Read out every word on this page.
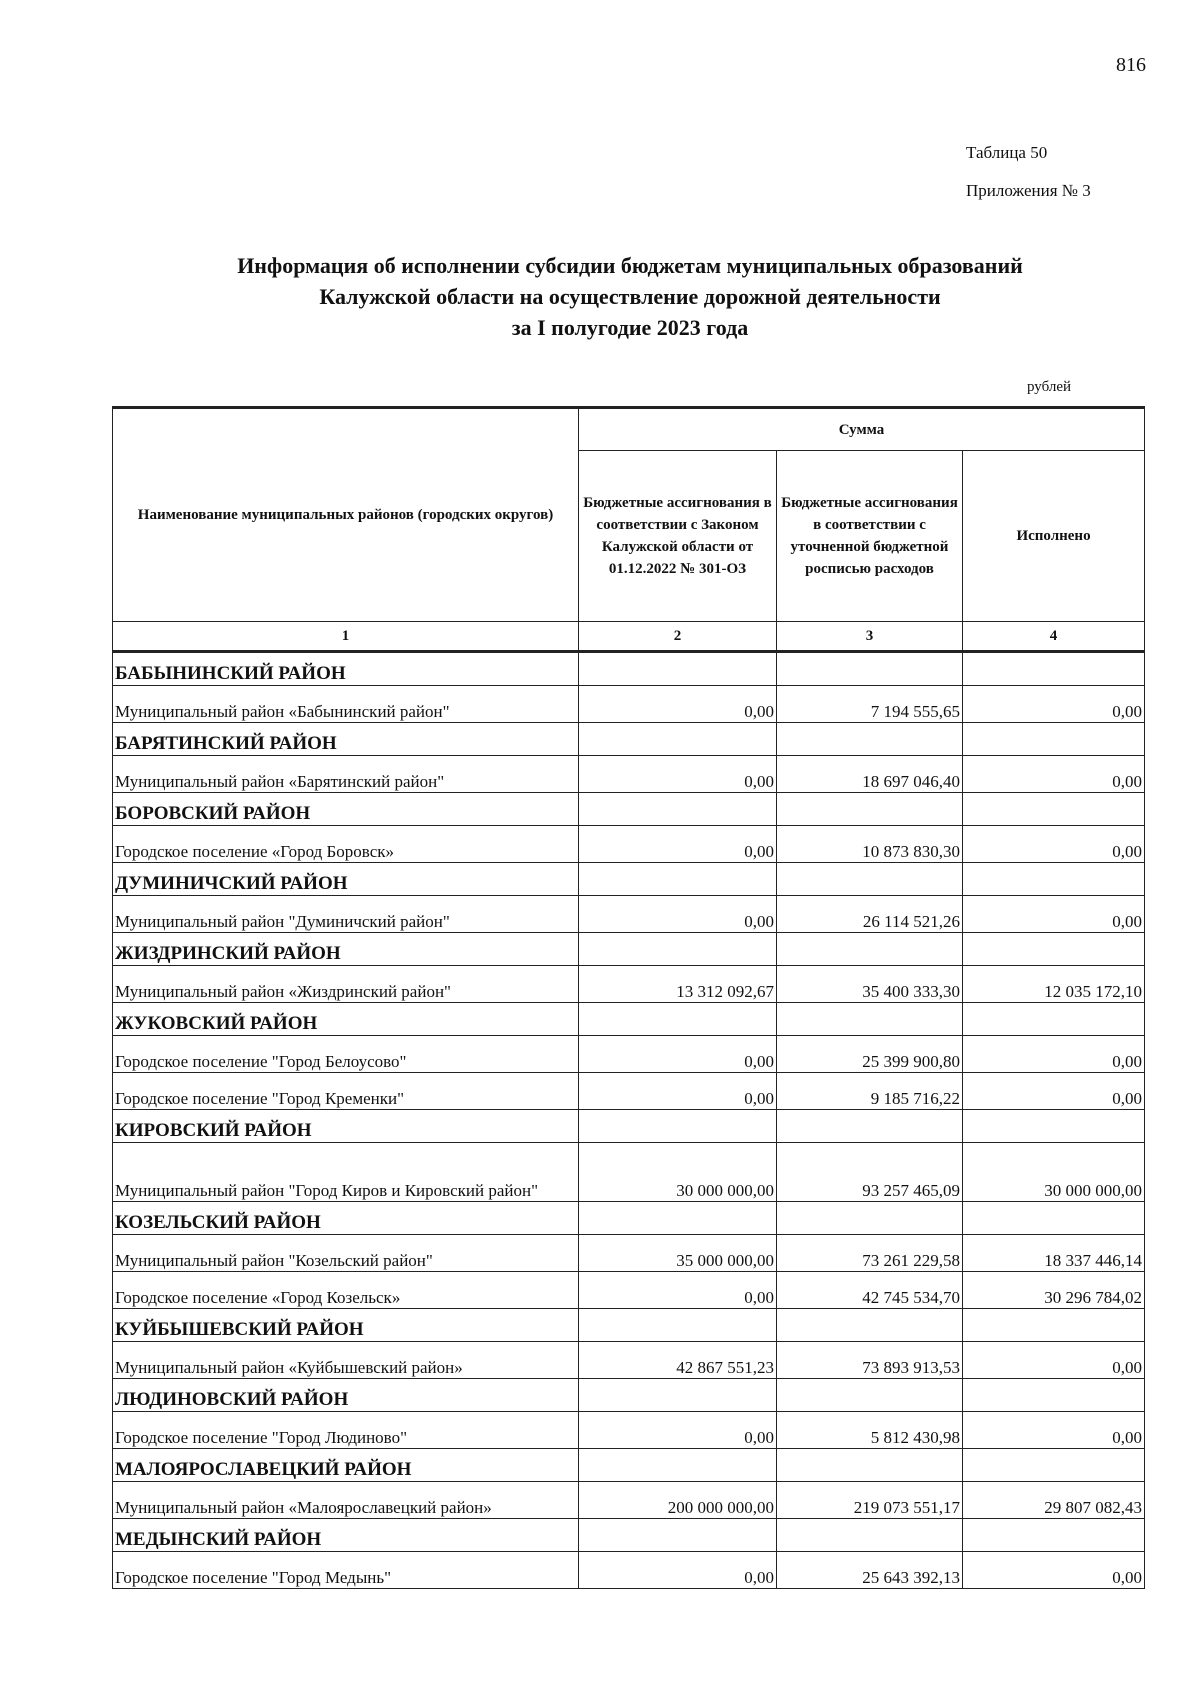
816
Таблица 50
Приложения № 3
Информация об исполнении субсидии бюджетам муниципальных образований
Калужской области на осуществление дорожной деятельности
за I полугодие 2023 года
рублей
Наименование муниципальных районов (городских округов)	Сумма		
	Бюджетные ассигнования в соответствии с Законом Калужской области от 01.12.2022 № 301-ОЗ	Бюджетные ассигнования в соответствии с уточненной бюджетной росписью расходов	Исполнено
1	2	3	4
БАБЫНИНСКИЙ РАЙОН			
Муниципальный район «Бабынинский район"	0,00	7 194 555,65	0,00
БАРЯТИНСКИЙ РАЙОН			
Муниципальный район «Барятинский район"	0,00	18 697 046,40	0,00
БОРОВСКИЙ РАЙОН			
Городское поселение «Город Боровск»	0,00	10 873 830,30	0,00
ДУМИНИЧСКИЙ РАЙОН			
Муниципальный район "Думиничский район"	0,00	26 114 521,26	0,00
ЖИЗДРИНСКИЙ РАЙОН			
Муниципальный район «Жиздринский район"	13 312 092,67	35 400 333,30	12 035 172,10
ЖУКОВСКИЙ РАЙОН			
Городское поселение "Город Белоусово"	0,00	25 399 900,80	0,00
Городское поселение "Город Кременки"	0,00	9 185 716,22	0,00
КИРОВСКИЙ РАЙОН			
Муниципальный район "Город Киров и Кировский район"	30 000 000,00	93 257 465,09	30 000 000,00
КОЗЕЛЬСКИЙ РАЙОН			
Муниципальный район "Козельский район"	35 000 000,00	73 261 229,58	18 337 446,14
Городское поселение «Город Козельск»	0,00	42 745 534,70	30 296 784,02
КУЙБЫШЕВСКИЙ РАЙОН			
Муниципальный район «Куйбышевский район»	42 867 551,23	73 893 913,53	0,00
ЛЮДИНОВСКИЙ РАЙОН			
Городское поселение "Город Людиново"	0,00	5 812 430,98	0,00
МАЛОЯРОСЛАВЕЦКИЙ РАЙОН			
Муниципальный район «Малоярославецкий район»	200 000 000,00	219 073 551,17	29 807 082,43
МЕДЫНСКИЙ РАЙОН			
Городское поселение "Город Медынь"	0,00	25 643 392,13	0,00
